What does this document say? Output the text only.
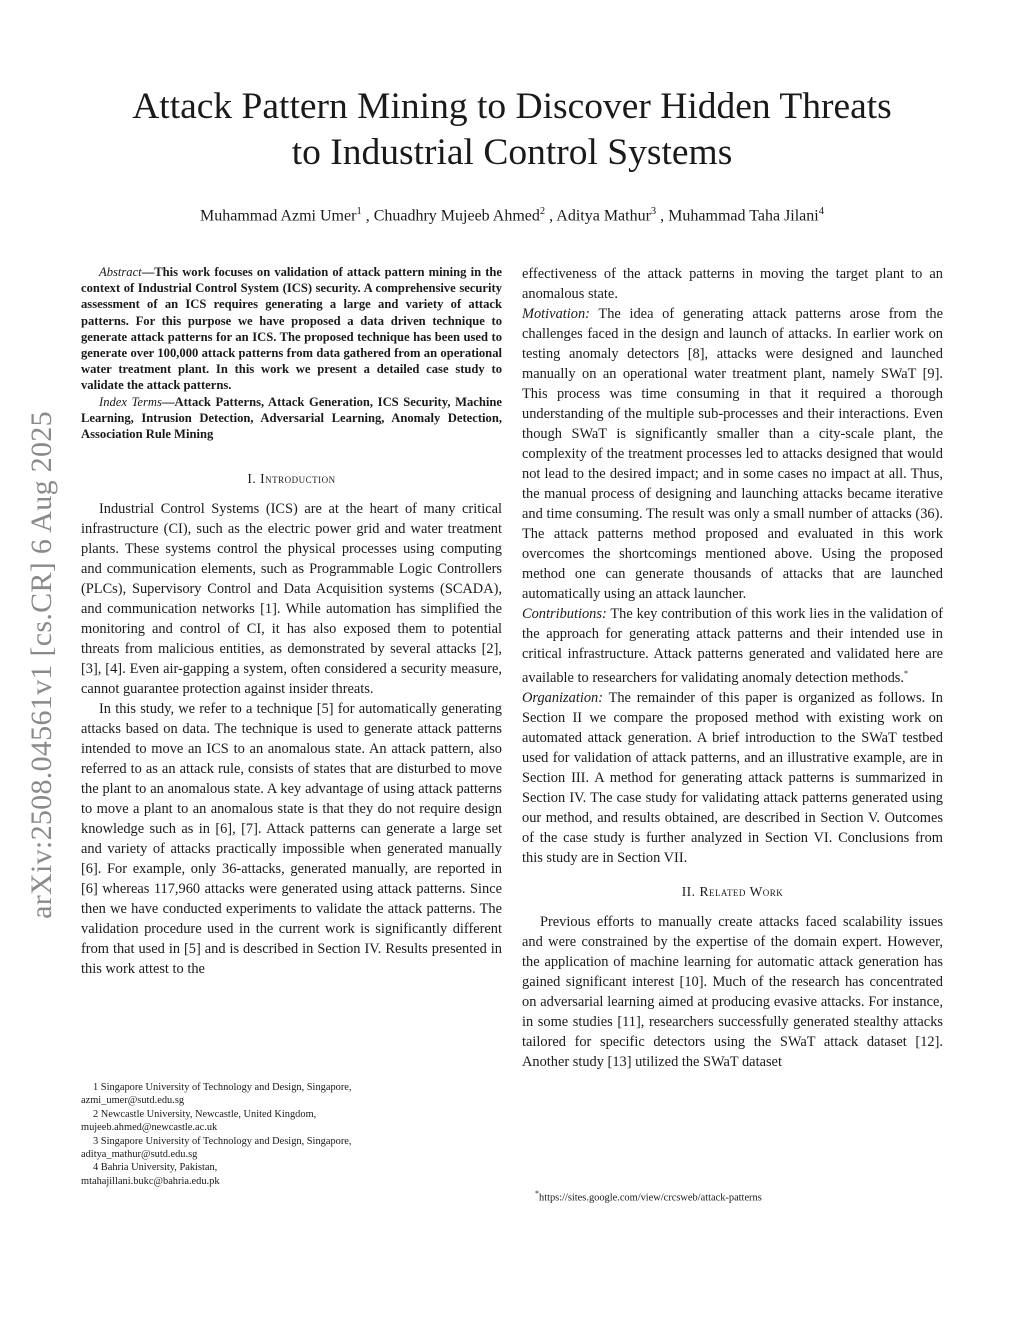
arXiv:2508.04561v1 [cs.CR] 6 Aug 2025
Attack Pattern Mining to Discover Hidden Threats
to Industrial Control Systems
Muhammad Azmi Umer$^1$ , Chuadhry Mujeeb Ahmed$^2$ , Aditya Mathur$^3$ , Muhammad Taha Jilani$^4$

Abstract—This work focuses on validation of attack pattern mining in the context of Industrial Control System (ICS) security. A comprehensive security assessment of an ICS requires generating a large and variety of attack patterns. For this purpose we have proposed a data driven technique to generate attack patterns for an ICS. The proposed technique has been used to generate over 100,000 attack patterns from data gathered from an operational water treatment plant. In this work we present a detailed case study to validate the attack patterns.

Index Terms—Attack Patterns, Attack Generation, ICS Security, Machine Learning, Intrusion Detection, Adversarial Learning, Anomaly Detection, Association Rule Mining

I. Introduction

Industrial Control Systems (ICS) are at the heart of many critical infrastructure (CI), such as the electric power grid and water treatment plants. These systems control the physical processes using computing and communication elements, such as Programmable Logic Controllers (PLCs), Supervisory Control and Data Acquisition systems (SCADA), and communication networks [1]. While automation has simplified the monitoring and control of CI, it has also exposed them to potential threats from malicious entities, as demonstrated by several attacks [2], [3], [4]. Even air-gapping a system, often considered a security measure, cannot guarantee protection against insider threats.

In this study, we refer to a technique [5] for automatically generating attacks based on data. The technique is used to generate attack patterns intended to move an ICS to an anomalous state. An attack pattern, also referred to as an attack rule, consists of states that are disturbed to move the plant to an anomalous state. A key advantage of using attack patterns to move a plant to an anomalous state is that they do not require design knowledge such as in [6], [7]. Attack patterns can generate a large set and variety of attacks practically impossible when generated manually [6]. For example, only 36-attacks, generated manually, are reported in [6] whereas 117,960 attacks were generated using attack patterns. Since then we have conducted experiments to validate the attack patterns. The validation procedure used in the current work is significantly different from that used in [5] and is described in Section IV. Results presented in this work attest to the

1 Singapore University of Technology and Design, Singapore,
azmi_umer@sutd.edu.sg
2 Newcastle University, Newcastle, United Kingdom,
mujeeb.ahmed@newcastle.ac.uk
3 Singapore University of Technology and Design, Singapore,
aditya_mathur@sutd.edu.sg
4 Bahria University, Pakistan,
mtahajillani.bukc@bahria.edu.pk

effectiveness of the attack patterns in moving the target plant to an anomalous state.

Motivation: The idea of generating attack patterns arose from the challenges faced in the design and launch of attacks. In earlier work on testing anomaly detectors [8], attacks were designed and launched manually on an operational water treatment plant, namely SWaT [9]. This process was time consuming in that it required a thorough understanding of the multiple sub-processes and their interactions. Even though SWaT is significantly smaller than a city-scale plant, the complexity of the treatment processes led to attacks designed that would not lead to the desired impact; and in some cases no impact at all. Thus, the manual process of designing and launching attacks became iterative and time consuming. The result was only a small number of attacks (36). The attack patterns method proposed and evaluated in this work overcomes the shortcomings mentioned above. Using the proposed method one can generate thousands of attacks that are launched automatically using an attack launcher.

Contributions: The key contribution of this work lies in the validation of the approach for generating attack patterns and their intended use in critical infrastructure. Attack patterns generated and validated here are available to researchers for validating anomaly detection methods.*

Organization: The remainder of this paper is organized as follows. In Section II we compare the proposed method with existing work on automated attack generation. A brief introduction to the SWaT testbed used for validation of attack patterns, and an illustrative example, are in Section III. A method for generating attack patterns is summarized in Section IV. The case study for validating attack patterns generated using our method, and results obtained, are described in Section V. Outcomes of the case study is further analyzed in Section VI. Conclusions from this study are in Section VII.

II. Related Work

Previous efforts to manually create attacks faced scalability issues and were constrained by the expertise of the domain expert. However, the application of machine learning for automatic attack generation has gained significant interest [10]. Much of the research has concentrated on adversarial learning aimed at producing evasive attacks. For instance, in some studies [11], researchers successfully generated stealthy attacks tailored for specific detectors using the SWaT attack dataset [12]. Another study [13] utilized the SWaT dataset

*https://sites.google.com/view/crcsweb/attack-patterns
